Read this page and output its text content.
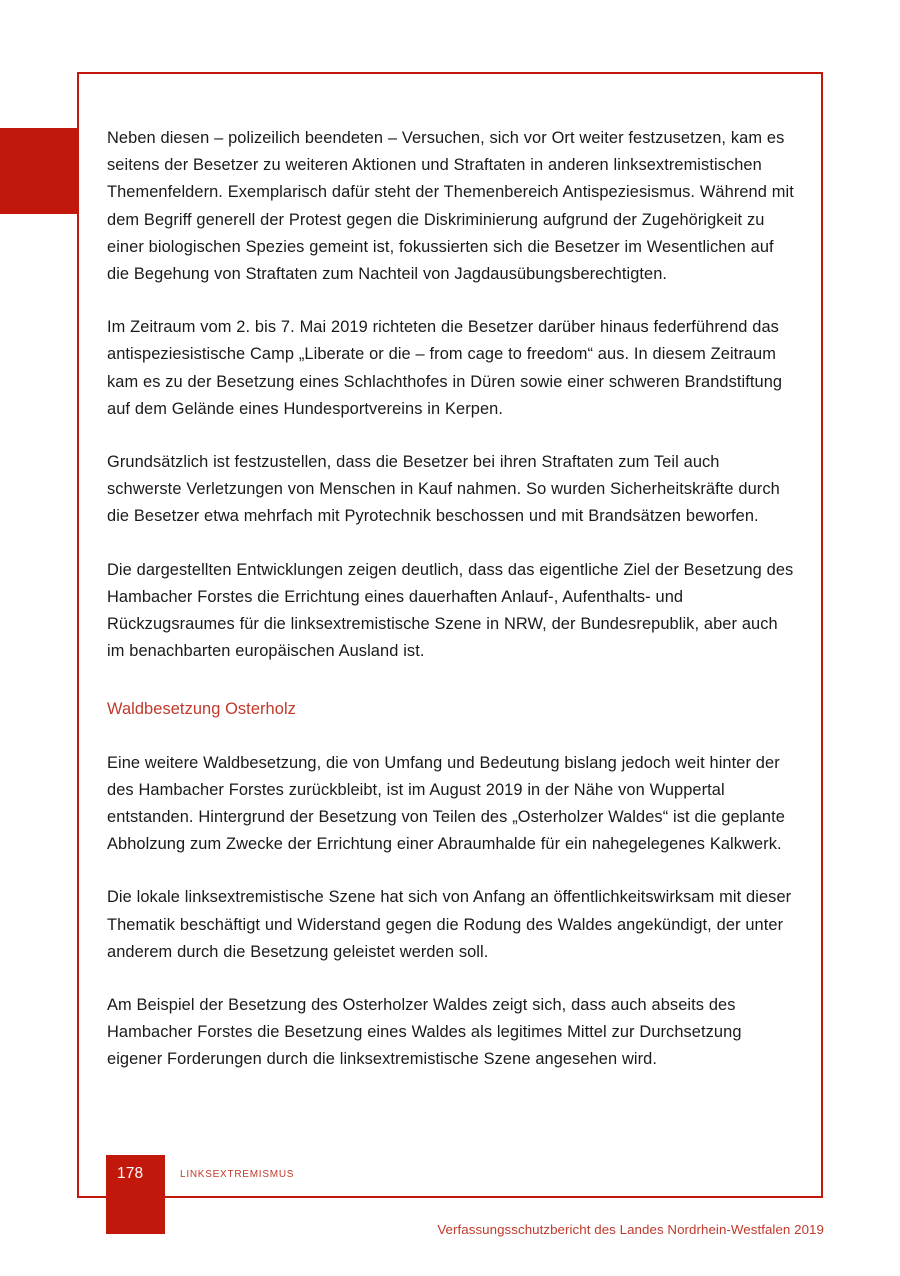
Neben diesen – polizeilich beendeten – Versuchen, sich vor Ort weiter festzusetzen, kam es seitens der Besetzer zu weiteren Aktionen und Straftaten in anderen linksextremistischen Themenfeldern. Exemplarisch dafür steht der Themenbereich Antispeziesismus. Während mit dem Begriff generell der Protest gegen die Diskriminierung aufgrund der Zugehörigkeit zu einer biologischen Spezies gemeint ist, fokussierten sich die Besetzer im Wesentlichen auf die Begehung von Straftaten zum Nachteil von Jagdausübungsberechtigten.

Im Zeitraum vom 2. bis 7. Mai 2019 richteten die Besetzer darüber hinaus federführend das antispeziesistische Camp „Liberate or die – from cage to freedom“ aus. In diesem Zeitraum kam es zu der Besetzung eines Schlachthofes in Düren sowie einer schweren Brandstiftung auf dem Gelände eines Hundesportvereins in Kerpen.

Grundsätzlich ist festzustellen, dass die Besetzer bei ihren Straftaten zum Teil auch schwerste Verletzungen von Menschen in Kauf nahmen. So wurden Sicherheitskräfte durch die Besetzer etwa mehrfach mit Pyrotechnik beschossen und mit Brandsätzen beworfen.

Die dargestellten Entwicklungen zeigen deutlich, dass das eigentliche Ziel der Besetzung des Hambacher Forstes die Errichtung eines dauerhaften Anlauf-, Aufenthalts- und Rückzugsraumes für die linksextremistische Szene in NRW, der Bundesrepublik, aber auch im benachbarten europäischen Ausland ist.

Waldbesetzung Osterholz

Eine weitere Waldbesetzung, die von Umfang und Bedeutung bislang jedoch weit hinter der des Hambacher Forstes zurückbleibt, ist im August 2019 in der Nähe von Wuppertal entstanden. Hintergrund der Besetzung von Teilen des „Osterholzer Waldes“ ist die geplante Abholzung zum Zwecke der Errichtung einer Abraumhalde für ein nahegelegenes Kalkwerk.

Die lokale linksextremistische Szene hat sich von Anfang an öffentlichkeitswirksam mit dieser Thematik beschäftigt und Widerstand gegen die Rodung des Waldes angekündigt, der unter anderem durch die Besetzung geleistet werden soll.

Am Beispiel der Besetzung des Osterholzer Waldes zeigt sich, dass auch abseits des Hambacher Forstes die Besetzung eines Waldes als legitimes Mittel zur Durchsetzung eigener Forderungen durch die linksextremistische Szene angesehen wird.

178	linksextremismus
Verfassungsschutzbericht des Landes Nordrhein-Westfalen 2019
